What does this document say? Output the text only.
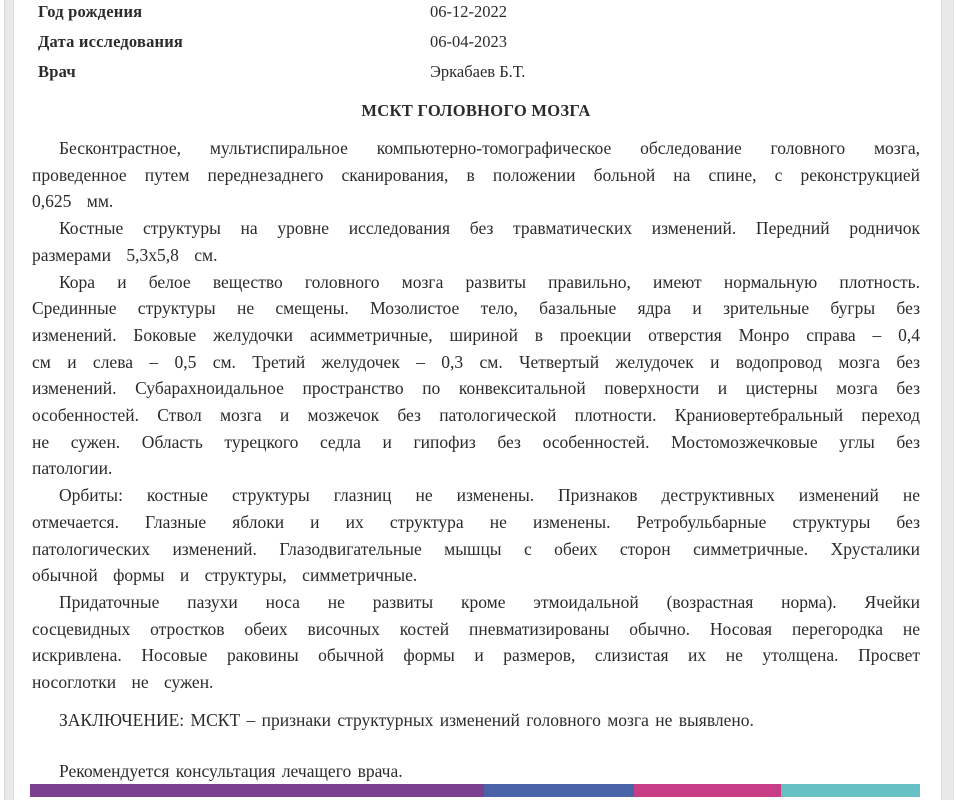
Год рождения	06-12-2022
Дата исследования	06-04-2023
Врач	Эркабаев Б.Т.
МСКТ ГОЛОВНОГО МОЗГА

Бесконтрастное, мультиспиральное компьютерно-томографическое обследование головного мозга, проведенное путем переднезаднего сканирования, в положении больной на спине, с реконструкцией 0,625 мм.

Костные структуры на уровне исследования без травматических изменений. Передний родничок размерами 5,3х5,8 см.

Кора и белое вещество головного мозга развиты правильно, имеют нормальную плотность. Срединные структуры не смещены. Мозолистое тело, базальные ядра и зрительные бугры без изменений. Боковые желудочки асимметричные, шириной в проекции отверстия Монро справа – 0,4 см и слева – 0,5 см. Третий желудочек – 0,3 см. Четвертый желудочек и водопровод мозга без изменений. Субарахноидальное пространство по конвекситальной поверхности и цистерны мозга без особенностей. Ствол мозга и мозжечок без патологической плотности. Краниовертебральный переход не сужен. Область турецкого седла и гипофиз без особенностей. Мостомозжечковые углы без патологии.

Орбиты: костные структуры глазниц не изменены. Признаков деструктивных изменений не отмечается. Глазные яблоки и их структура не изменены. Ретробульбарные структуры без патологических изменений. Глазодвигательные мышцы с обеих сторон симметричные. Хрусталики обычной формы и структуры, симметричные.

Придаточные пазухи носа не развиты кроме этмоидальной (возрастная норма). Ячейки сосцевидных отростков обеих височных костей пневматизированы обычно. Носовая перегородка не искривлена. Носовые раковины обычной формы и размеров, слизистая их не утолщена. Просвет носоглотки не сужен.

ЗАКЛЮЧЕНИЕ: МСКТ – признаки структурных изменений головного мозга не выявлено.

Рекомендуется консультация лечащего врача.
